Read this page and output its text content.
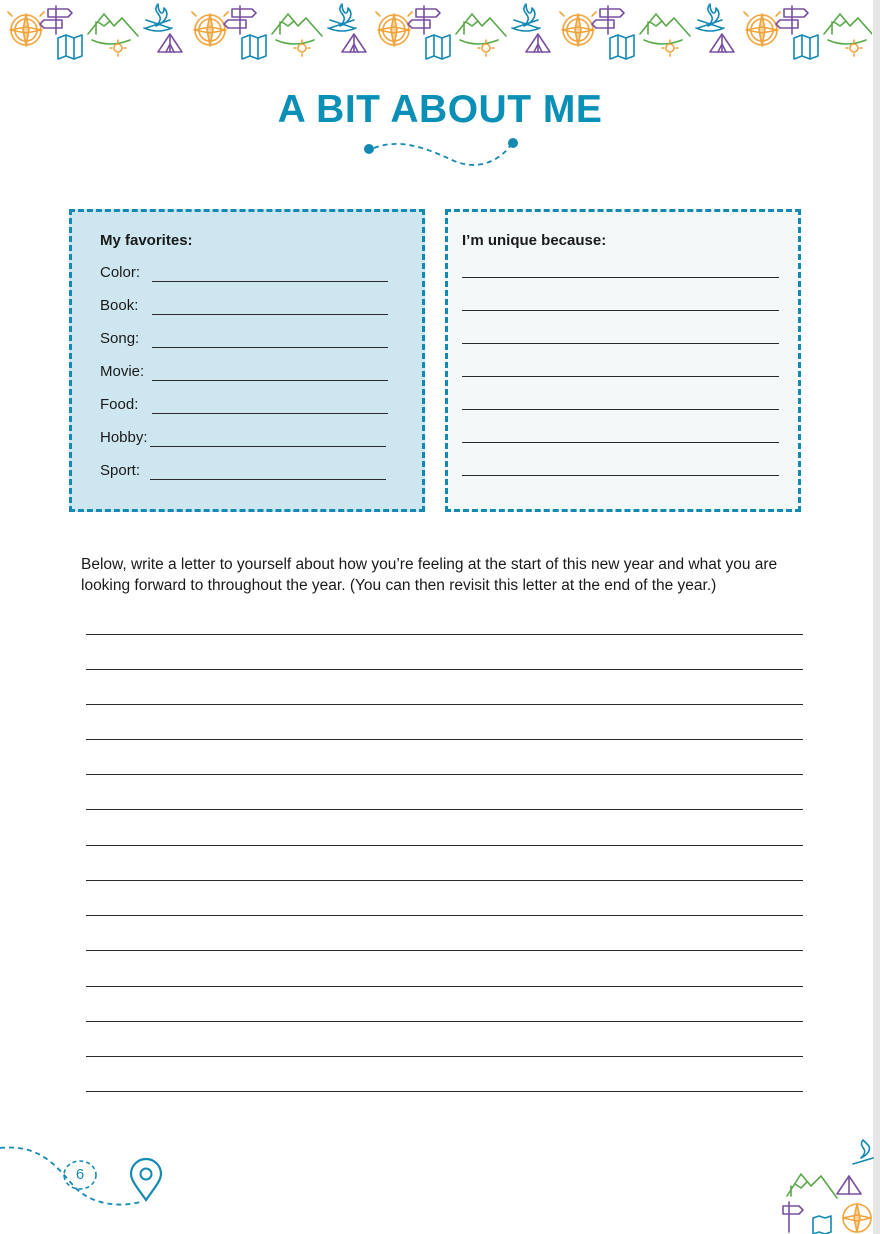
A BIT ABOUT ME
My favorites:
Color:
Book:
Song:
Movie:
Food:
Hobby:
Sport:
I’m unique because:
Below, write a letter to yourself about how you’re feeling at the start of this new year and what you are looking forward to throughout the year. (You can then revisit this letter at the end of the year.)
6
